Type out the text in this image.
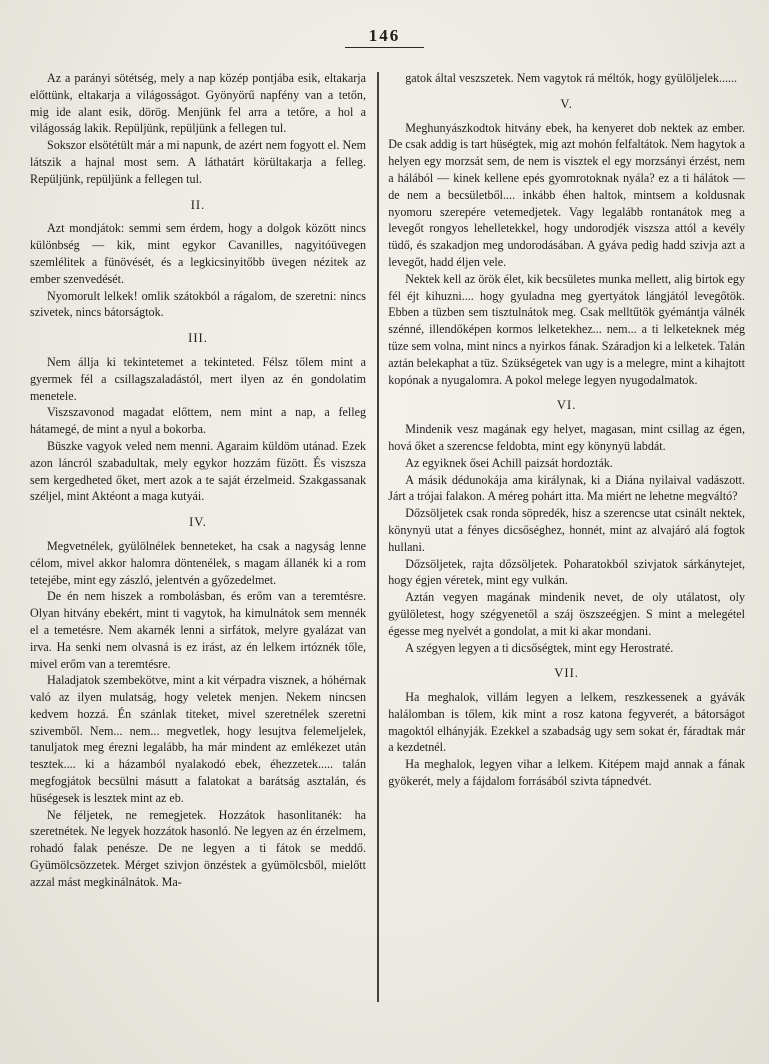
146

Az a parányi sötétség, mely a nap közép pontjába esik, eltakarja előttünk, eltakarja a világosságot. Gyönyörű napfény van a tetőn, mig ide alant esik, dörög. Menjünk fel arra a tetőre, a hol a világosság lakik. Repüljünk, repüljünk a fellegen tul.

Sokszor elsötétült már a mi napunk, de azért nem fogyott el. Nem látszik a hajnal most sem. A láthatárt körültakarja a felleg. Repüljünk, repüljünk a fellegen tul.

II.

Azt mondjátok: semmi sem érdem, hogy a dolgok között nincs különbség — kik, mint egykor Cavanilles, nagyitóüvegen szemlélitek a fünövését, és a legkicsinyitőbb üvegen nézitek az ember szenvedését.

Nyomorult lelkek! omlik szátokból a rágalom, de szeretni: nincs szivetek, nincs bátorságtok.

III.

Nem állja ki tekintetemet a tekinteted. Félsz tőlem mint a gyermek fél a csillagszaladástól, mert ilyen az én gondolatim menetele.

Viszszavonod magadat előttem, nem mint a nap, a felleg hátamegé, de mint a nyul a bokorba.

Büszke vagyok veled nem menni. Agaraim küldöm utánad. Ezek azon láncról szabadultak, mely egykor hozzám füzött. És viszsza sem kergedheted őket, mert azok a te saját érzelmeid. Szakgassanak széljel, mint Aktéont a maga kutyái.

IV.

Megvetnélek, gyülölnélek benneteket, ha csak a nagyság lenne célom, mivel akkor halomra döntenélek, s magam állanék ki a rom tetejébe, mint egy zászló, jelentvén a győzedelmet.

De én nem hiszek a rombolásban, és erőm van a teremtésre. Olyan hitvány ebekért, mint ti vagytok, ha kimulnátok sem mennék el a temetésre. Nem akarnék lenni a sirfátok, melyre gyalázat van irva. Ha senki nem olvasná is ez irást, az én lelkem irtóznék tőle, mivel erőm van a teremtésre.

Haladjatok szembekötve, mint a kit vérpadra visznek, a hóhérnak való az ilyen mulatság, hogy veletek menjen. Nekem nincsen kedvem hozzá. Én szánlak titeket, mivel szeretnélek szeretni szivemből. Nem... nem... megvetlek, hogy lesujtva felemeljelek, tanuljatok meg érezni legalább, ha már mindent az emlékezet után tesztek.... ki a házamból nyalakodó ebek, éhezzetek..... talán megfogjátok becsülni másutt a falatokat a barátság asztalán, és hüségesek is lesztek mint az eb.

Ne féljetek, ne remegjetek. Hozzátok hasonlitanék: ha szeretnétek. Ne legyek hozzátok hasonló. Ne legyen az én érzelmem, rohadó falak penésze. De ne legyen a ti fátok se meddő. Gyümölcsözzetek. Mérget szivjon önzéstek a gyümölcsből, mielőtt azzal mást megkinálnátok. Ma-

gatok által veszszetek. Nem vagytok rá méltók, hogy gyülöljelek......

V.

Meghunyászkodtok hitvány ebek, ha kenyeret dob nektek az ember. De csak addig is tart hüségtek, mig azt mohón felfaltátok. Nem hagytok a helyen egy morzsát sem, de nem is visztek el egy morzsányi érzést, nem a hálából — kinek kellene epés gyomrotoknak nyála? ez a ti hálátok — de nem a becsületből.... inkább éhen haltok, mintsem a koldusnak nyomoru szerepére vetemedjetek. Vagy legalább rontanátok meg a levegőt rongyos lehelletekkel, hogy undorodjék viszsza attól a kevély tüdő, és szakadjon meg undorodásában. A gyáva pedig hadd szivja azt a levegőt, hadd éljen vele.

Nektek kell az örök élet, kik becsületes munka mellett, alig birtok egy fél éjt kihuzni.... hogy gyuladna meg gyertyátok lángjától levegőtök. Ebben a tüzben sem tisztulnátok meg. Csak melltűtök gyémántja válnék szénné, illendőképen kormos lelketekhez... nem... a ti lelketeknek még tüze sem volna, mint nincs a nyirkos fának. Száradjon ki a lelketek. Talán aztán belekaphat a tüz. Szükségetek van ugy is a melegre, mint a kihajtott kopónak a nyugalomra. A pokol melege legyen nyugodalmatok.

VI.

Mindenik vesz magának egy helyet, magasan, mint csillag az égen, hová őket a szerencse feldobta, mint egy könynyü labdát.

Az egyiknek ősei Achill paizsát hordozták.

A másik dédunokája ama királynak, ki a Diána nyilaival vadászott. Járt a trójai falakon. A méreg pohárt itta. Ma miért ne lehetne megváltó?

Dőzsöljetek csak ronda söpredék, hisz a szerencse utat csinált nektek, könynyü utat a fényes dicsőséghez, honnét, mint az alvajáró alá fogtok hullani.

Dőzsöljetek, rajta dőzsöljetek. Poharatokból szivjatok sárkánytejet, hogy égjen véretek, mint egy vulkán.

Aztán vegyen magának mindenik nevet, de oly utálatost, oly gyülöletest, hogy szégyenetől a száj öszszeégjen. S mint a melegétel égesse meg nyelvét a gondolat, a mit ki akar mondani.

A szégyen legyen a ti dicsőségtek, mint egy Herostraté.

VII.

Ha meghalok, villám legyen a lelkem, reszkessenek a gyávák halálomban is tőlem, kik mint a rosz katona fegyverét, a bátorságot magoktól elhányják. Ezekkel a szabadság ugy sem sokat ér, fáradtak már a kezdetnél.

Ha meghalok, legyen vihar a lelkem. Kitépem majd annak a fának gyökerét, mely a fájdalom forrásából szivta tápnedvét.
